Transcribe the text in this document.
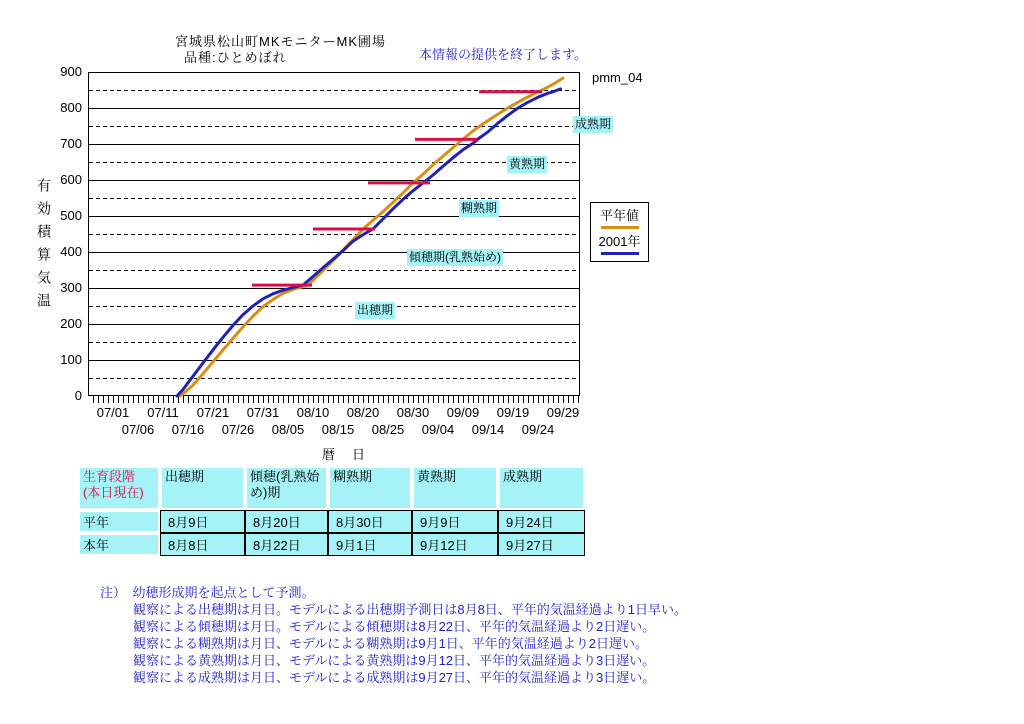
宮城県松山町MKモニターMK圃場
品種:ひとめぼれ	本情報の提供を終了します。
pmm_04
有効積算気温
0
100
200
300
400
500
600
700
800
900
07/01 07/11 07/21 07/31 08/10 08/20 08/30 09/09 09/19 09/29
07/06 07/16 07/26 08/05 08/15 08/25 09/04 09/14 09/24
暦　日
出穂期
傾穂期(乳熟始め)
糊熟期
黄熟期
成熟期
平年値
2001年
生育段階
(本日現在)	出穂期	傾穂(乳熟始め)期	糊熟期	黄熟期	成熟期
平年	8月9日	8月20日	8月30日	9月9日	9月24日
本年	8月8日	8月22日	9月1日	9月12日	9月27日
注）　幼穂形成期を起点として予測。
観察による出穂期は月日。モデルによる出穂期予測日は8月8日、平年的気温経過より1日早い。
観察による傾穂期は月日。モデルによる傾穂期は8月22日、平年的気温経過より2日遅い。
観察による糊熟期は月日、モデルによる糊熟期は9月1日、平年的気温経過より2日遅い。
観察による黄熟期は月日、モデルによる黄熟期は9月12日、平年的気温経過より3日遅い。
観察による成熟期は月日、モデルによる成熟期は9月27日、平年的気温経過より3日遅い。
